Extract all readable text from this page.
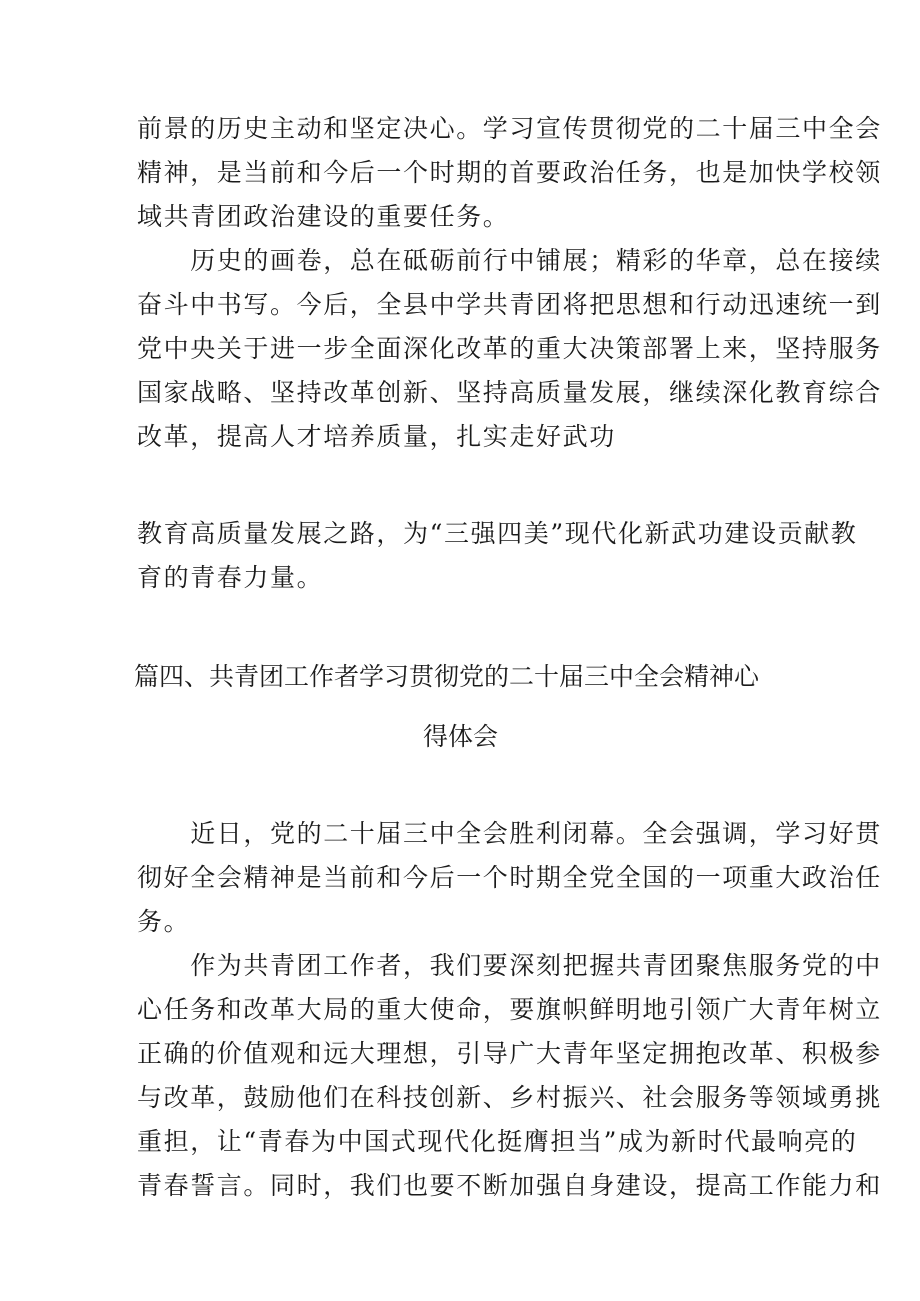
前景的历史主动和坚定决心。学习宣传贯彻党的二十届三中全会
精神，是当前和今后一个时期的首要政治任务，也是加快学校领
域共青团政治建设的重要任务。
　　历史的画卷，总在砥砺前行中铺展；精彩的华章，总在接续
奋斗中书写。今后，全县中学共青团将把思想和行动迅速统一到
党中央关于进一步全面深化改革的重大决策部署上来，坚持服务
国家战略、坚持改革创新、坚持高质量发展，继续深化教育综合
改革，提高人才培养质量，扎实走好武功
教育高质量发展之路，为“三强四美”现代化新武功建设贡献教
育的青春力量。
篇四、共青团工作者学习贯彻党的二十届三中全会精神心
得体会
　　近日，党的二十届三中全会胜利闭幕。全会强调，学习好贯
彻好全会精神是当前和今后一个时期全党全国的一项重大政治任
务。
　　作为共青团工作者，我们要深刻把握共青团聚焦服务党的中
心任务和改革大局的重大使命，要旗帜鲜明地引领广大青年树立
正确的价值观和远大理想，引导广大青年坚定拥抱改革、积极参
与改革，鼓励他们在科技创新、乡村振兴、社会服务等领域勇挑
重担，让“青春为中国式现代化挺膺担当”成为新时代最响亮的
青春誓言。同时，我们也要不断加强自身建设，提高工作能力和
